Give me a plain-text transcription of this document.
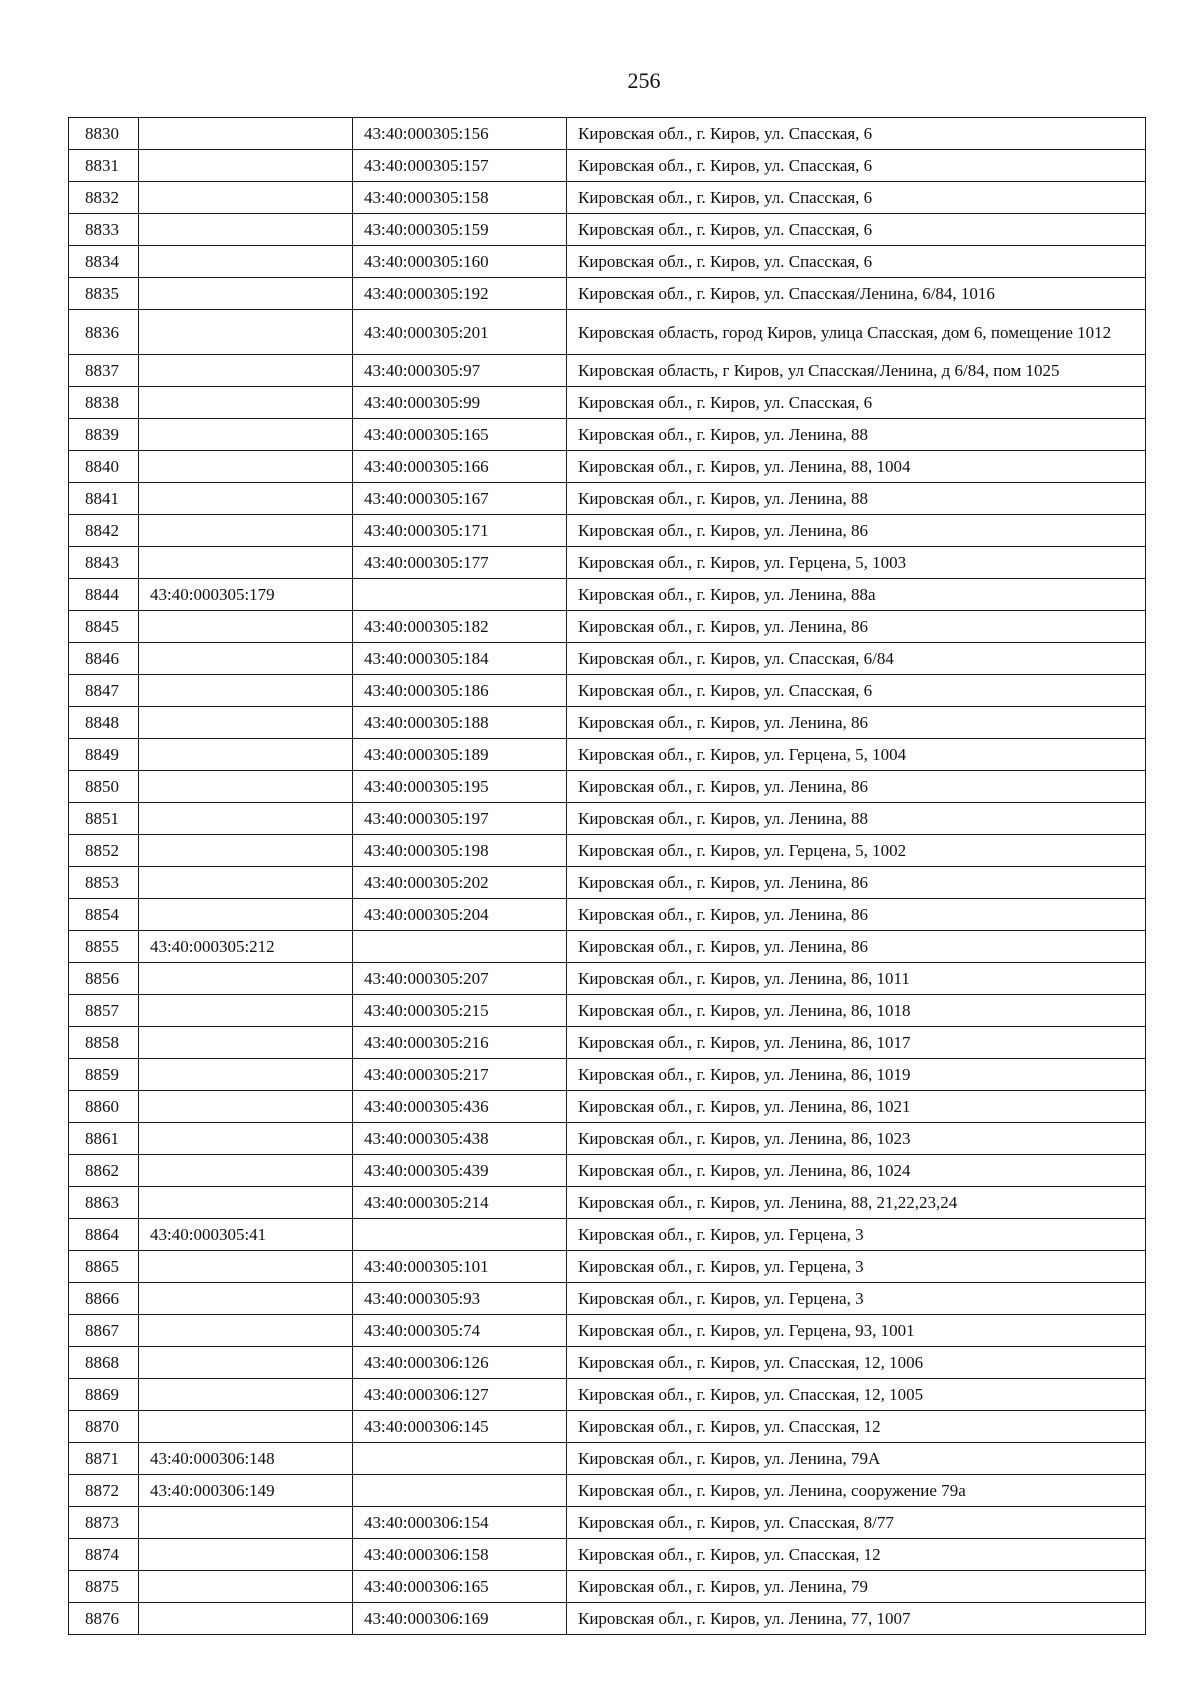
256
8830		43:40:000305:156	Кировская обл., г. Киров, ул. Спасская, 6
8831		43:40:000305:157	Кировская обл., г. Киров, ул. Спасская, 6
8832		43:40:000305:158	Кировская обл., г. Киров, ул. Спасская, 6
8833		43:40:000305:159	Кировская обл., г. Киров, ул. Спасская, 6
8834		43:40:000305:160	Кировская обл., г. Киров, ул. Спасская, 6
8835		43:40:000305:192	Кировская обл., г. Киров, ул. Спасская/Ленина, 6/84, 1016
8836		43:40:000305:201	Кировская область, город Киров, улица Спасская, дом 6, помещение 1012
8837		43:40:000305:97	Кировская область, г Киров, ул Спасская/Ленина, д 6/84, пом 1025
8838		43:40:000305:99	Кировская обл., г. Киров, ул. Спасская, 6
8839		43:40:000305:165	Кировская обл., г. Киров, ул. Ленина, 88
8840		43:40:000305:166	Кировская обл., г. Киров, ул. Ленина, 88, 1004
8841		43:40:000305:167	Кировская обл., г. Киров, ул. Ленина, 88
8842		43:40:000305:171	Кировская обл., г. Киров, ул. Ленина, 86
8843		43:40:000305:177	Кировская обл., г. Киров, ул. Герцена, 5, 1003
8844	43:40:000305:179		Кировская обл., г. Киров, ул. Ленина, 88а
8845		43:40:000305:182	Кировская обл., г. Киров, ул. Ленина, 86
8846		43:40:000305:184	Кировская обл., г. Киров, ул. Спасская, 6/84
8847		43:40:000305:186	Кировская обл., г. Киров, ул. Спасская, 6
8848		43:40:000305:188	Кировская обл., г. Киров, ул. Ленина, 86
8849		43:40:000305:189	Кировская обл., г. Киров, ул. Герцена, 5, 1004
8850		43:40:000305:195	Кировская обл., г. Киров, ул. Ленина, 86
8851		43:40:000305:197	Кировская обл., г. Киров, ул. Ленина, 88
8852		43:40:000305:198	Кировская обл., г. Киров, ул. Герцена, 5, 1002
8853		43:40:000305:202	Кировская обл., г. Киров, ул. Ленина, 86
8854		43:40:000305:204	Кировская обл., г. Киров, ул. Ленина, 86
8855	43:40:000305:212		Кировская обл., г. Киров, ул. Ленина, 86
8856		43:40:000305:207	Кировская обл., г. Киров, ул. Ленина, 86, 1011
8857		43:40:000305:215	Кировская обл., г. Киров, ул. Ленина, 86, 1018
8858		43:40:000305:216	Кировская обл., г. Киров, ул. Ленина, 86, 1017
8859		43:40:000305:217	Кировская обл., г. Киров, ул. Ленина, 86, 1019
8860		43:40:000305:436	Кировская обл., г. Киров, ул. Ленина, 86, 1021
8861		43:40:000305:438	Кировская обл., г. Киров, ул. Ленина, 86, 1023
8862		43:40:000305:439	Кировская обл., г. Киров, ул. Ленина, 86, 1024
8863		43:40:000305:214	Кировская обл., г. Киров, ул. Ленина, 88, 21,22,23,24
8864	43:40:000305:41		Кировская обл., г. Киров, ул. Герцена, 3
8865		43:40:000305:101	Кировская обл., г. Киров, ул. Герцена, 3
8866		43:40:000305:93	Кировская обл., г. Киров, ул. Герцена, 3
8867		43:40:000305:74	Кировская обл., г. Киров, ул. Герцена, 93, 1001
8868		43:40:000306:126	Кировская обл., г. Киров, ул. Спасская, 12, 1006
8869		43:40:000306:127	Кировская обл., г. Киров, ул. Спасская, 12, 1005
8870		43:40:000306:145	Кировская обл., г. Киров, ул. Спасская, 12
8871	43:40:000306:148		Кировская обл., г. Киров, ул. Ленина, 79А
8872	43:40:000306:149		Кировская обл., г. Киров, ул. Ленина, сооружение 79а
8873		43:40:000306:154	Кировская обл., г. Киров, ул. Спасская, 8/77
8874		43:40:000306:158	Кировская обл., г. Киров, ул. Спасская, 12
8875		43:40:000306:165	Кировская обл., г. Киров, ул. Ленина, 79
8876		43:40:000306:169	Кировская обл., г. Киров, ул. Ленина, 77, 1007
